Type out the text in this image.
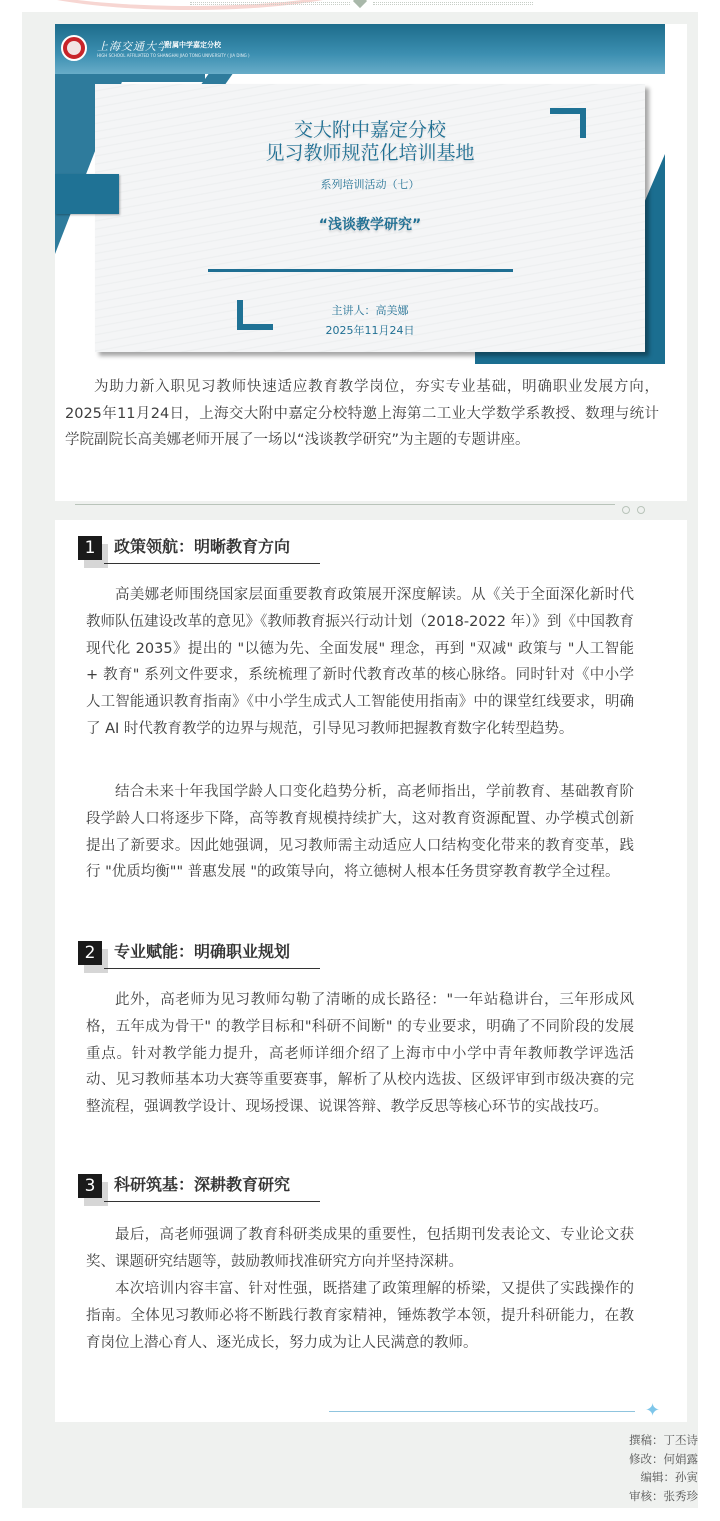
上海交通大学
附属中学嘉定分校
HIGH SCHOOL AFFILIATED TO SHANGHAI JIAO TONG UNIVERSITY ( JIA DING )
交大附中嘉定分校
见习教师规范化培训基地
系列培训活动（七）
“浅谈教学研究”
主讲人：高美娜
2025年11月24日

为助力新入职见习教师快速适应教育教学岗位，夯实专业基础，明确职业发展方向，2025年11月24日，上海交大附中嘉定分校特邀上海第二工业大学数学系教授、数理与统计学院副院长高美娜老师开展了一场以“浅谈教学研究”为主题的专题讲座。

1	政策领航：明晰教育方向

高美娜老师围绕国家层面重要教育政策展开深度解读。从《关于全面深化新时代教师队伍建设改革的意见》《教师教育振兴行动计划（2018-2022 年）》到《中国教育现代化 2035》提出的 "以德为先、全面发展" 理念，再到 "双减" 政策与 "人工智能 + 教育" 系列文件要求，系统梳理了新时代教育改革的核心脉络。同时针对《中小学人工智能通识教育指南》《中小学生成式人工智能使用指南》中的课堂红线要求，明确了 AI 时代教育教学的边界与规范，引导见习教师把握教育数字化转型趋势。

结合未来十年我国学龄人口变化趋势分析，高老师指出，学前教育、基础教育阶段学龄人口将逐步下降，高等教育规模持续扩大，这对教育资源配置、办学模式创新提出了新要求。因此她强调，见习教师需主动适应人口结构变化带来的教育变革，践行 "优质均衡"" 普惠发展 "的政策导向，将立德树人根本任务贯穿教育教学全过程。

2	专业赋能：明确职业规划

此外，高老师为见习教师勾勒了清晰的成长路径："一年站稳讲台，三年形成风格，五年成为骨干" 的教学目标和"科研不间断" 的专业要求，明确了不同阶段的发展重点。针对教学能力提升，高老师详细介绍了上海市中小学中青年教师教学评选活动、见习教师基本功大赛等重要赛事，解析了从校内选拔、区级评审到市级决赛的完整流程，强调教学设计、现场授课、说课答辩、教学反思等核心环节的实战技巧。

3	科研筑基：深耕教育研究

最后，高老师强调了教育科研类成果的重要性，包括期刊发表论文、专业论文获奖、课题研究结题等，鼓励教师找准研究方向并坚持深耕。

本次培训内容丰富、针对性强，既搭建了政策理解的桥梁，又提供了实践操作的指南。全体见习教师必将不断践行教育家精神，锤炼教学本领，提升科研能力，在教育岗位上潜心育人、逐光成长，努力成为让人民满意的教师。

✦
撰稿：丁丕诗
修改：何娟露
编辑：孙寅
审核：张秀珍
